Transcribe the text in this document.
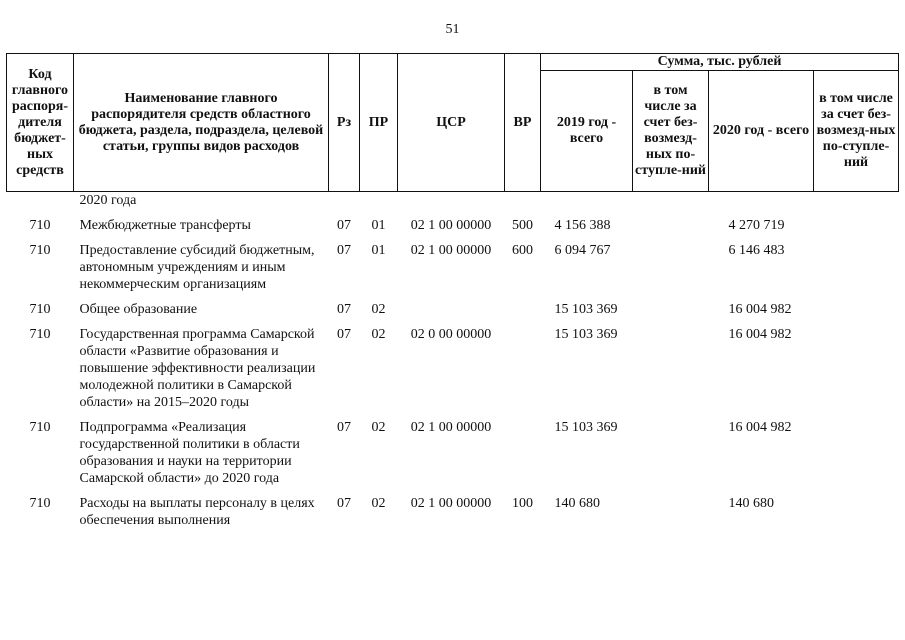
51
Код главного распоря-дителя бюджет-ных средств	Наименование главного распорядителя средств областного бюджета, раздела, подраздела, целевой статьи, группы видов расходов	Рз	ПР	ЦСР	ВР	Сумма, тыс. рублей			
						2019 год - всего	в том числе за счет без-возмезд-ных по-ступле-ний	2020 год - всего	в том числе за счет без-возмезд-ных по-ступле-ний
	2020 года								

710	Межбюджетные трансферты	07	01	02 1 00 00000	500	4 156 388		4 270 719	

710	Предоставление субсидий бюджетным, автономным учреждениям и иным некоммерческим организациям	07	01	02 1 00 00000	600	6 094 767		6 146 483	

710	Общее образование	07	02			15 103 369		16 004 982	

710	Государственная программа Самарской области «Развитие образования и повышение эффективности реализации молодежной политики в Самарской области» на 2015–2020 годы	07	02	02 0 00 00000		15 103 369		16 004 982	

710	Подпрограмма «Реализация государственной политики в области образования и науки на территории Самарской области» до 2020 года	07	02	02 1 00 00000		15 103 369		16 004 982	

710	Расходы на выплаты персоналу в целях обеспечения выполнения	07	02	02 1 00 00000	100	140 680		140 680	
